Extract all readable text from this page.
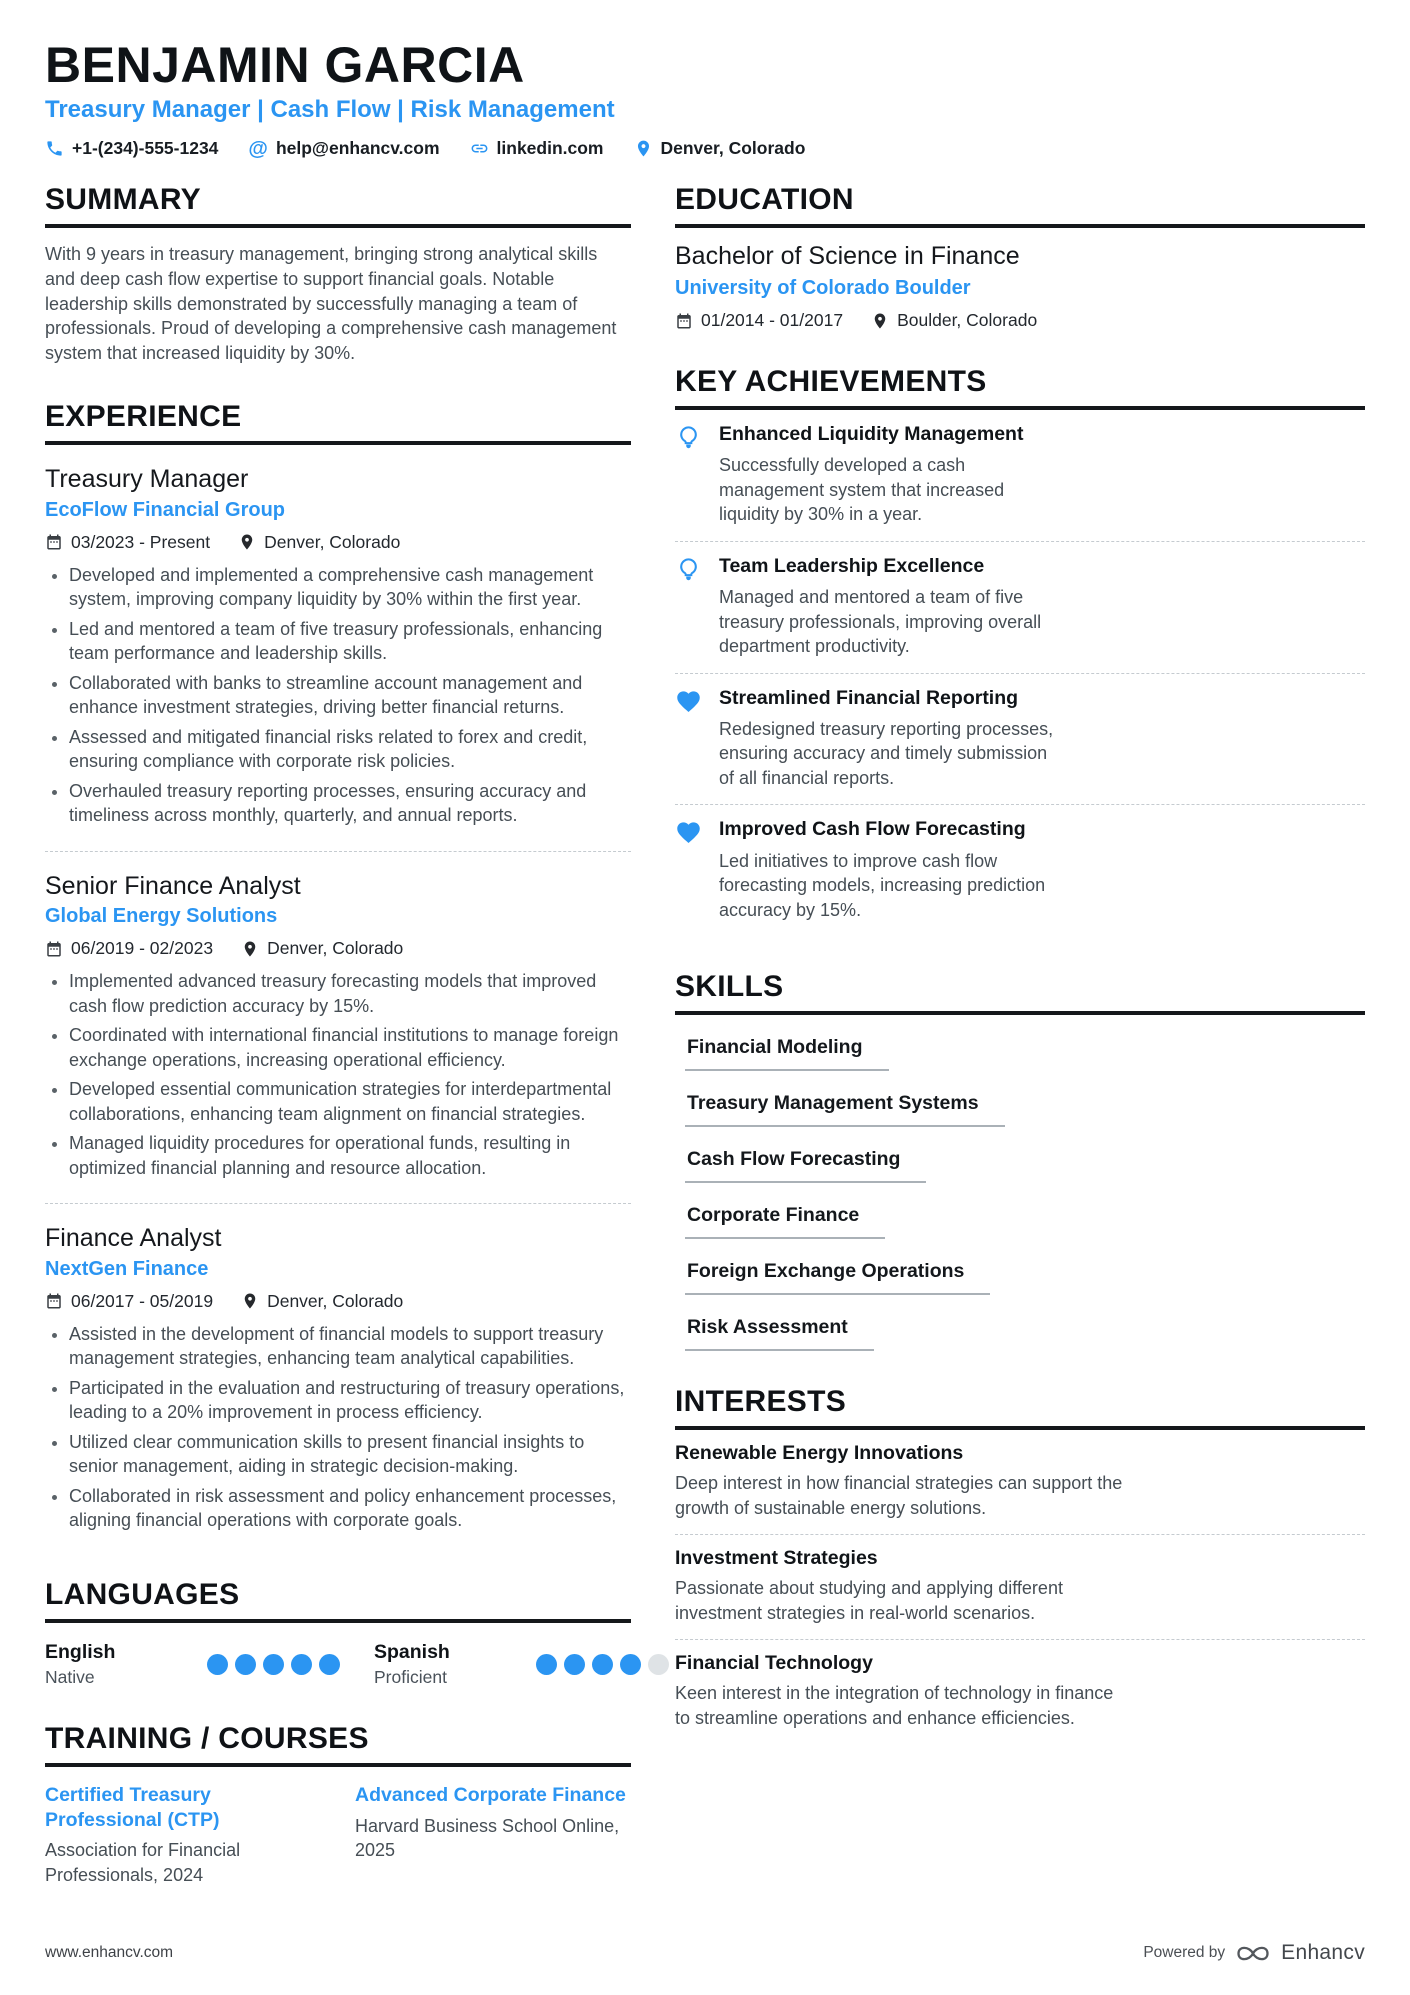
BENJAMIN GARCIA
Treasury Manager | Cash Flow | Risk Management
+1-(234)-555-1234 @ help@enhancv.com	linkedin.com	Denver, Colorado
SUMMARY

With 9 years in treasury management, bringing strong analytical skills and deep cash flow expertise to support financial goals. Notable leadership skills demonstrated by successfully managing a team of professionals. Proud of developing a comprehensive cash management system that increased liquidity by 30%.

EXPERIENCE
Treasury Manager
EcoFlow Financial Group
03/2023 - Present	Denver, Colorado
• Developed and implemented a comprehensive cash management system, improving company liquidity by 30% within the first year.
• Led and mentored a team of five treasury professionals, enhancing team performance and leadership skills.
• Collaborated with banks to streamline account management and enhance investment strategies, driving better financial returns.
• Assessed and mitigated financial risks related to forex and credit, ensuring compliance with corporate risk policies.
• Overhauled treasury reporting processes, ensuring accuracy and timeliness across monthly, quarterly, and annual reports.
Senior Finance Analyst
Global Energy Solutions
06/2019 - 02/2023	Denver, Colorado
• Implemented advanced treasury forecasting models that improved cash flow prediction accuracy by 15%.
• Coordinated with international financial institutions to manage foreign exchange operations, increasing operational efficiency.
• Developed essential communication strategies for interdepartmental collaborations, enhancing team alignment on financial strategies.
• Managed liquidity procedures for operational funds, resulting in optimized financial planning and resource allocation.
Finance Analyst
NextGen Finance
06/2017 - 05/2019	Denver, Colorado
• Assisted in the development of financial models to support treasury management strategies, enhancing team analytical capabilities.
• Participated in the evaluation and restructuring of treasury operations, leading to a 20% improvement in process efficiency.
• Utilized clear communication skills to present financial insights to senior management, aiding in strategic decision-making.
• Collaborated in risk assessment and policy enhancement processes, aligning financial operations with corporate goals.
LANGUAGES
English
Native
Spanish
Proficient
TRAINING / COURSES
Certified Treasury Professional (CTP)
Association for Financial Professionals, 2024
Advanced Corporate Finance
Harvard Business School Online, 2025
EDUCATION
Bachelor of Science in Finance
University of Colorado Boulder
01/2014 - 01/2017	Boulder, Colorado
KEY ACHIEVEMENTS
Enhanced Liquidity Management
Successfully developed a cash management system that increased liquidity by 30% in a year.
Team Leadership Excellence
Managed and mentored a team of five treasury professionals, improving overall department productivity.
Streamlined Financial Reporting
Redesigned treasury reporting processes, ensuring accuracy and timely submission of all financial reports.
Improved Cash Flow Forecasting
Led initiatives to improve cash flow forecasting models, increasing prediction accuracy by 15%.
SKILLS
Financial Modeling
Treasury Management Systems
Cash Flow Forecasting
Corporate Finance
Foreign Exchange Operations
Risk Assessment
INTERESTS
Renewable Energy Innovations
Deep interest in how financial strategies can support the growth of sustainable energy solutions.
Investment Strategies
Passionate about studying and applying different investment strategies in real-world scenarios.
Financial Technology
Keen interest in the integration of technology in finance to streamline operations and enhance efficiencies.
www.enhancv.com	Powered by	Enhancv
